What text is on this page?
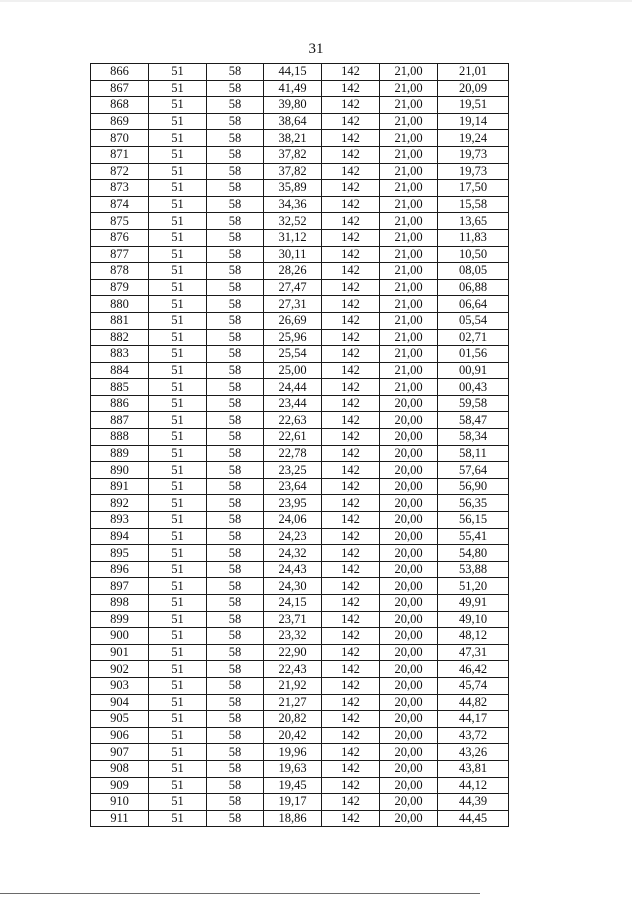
31
866	51	58	44,15	142	21,00	21,01
867	51	58	41,49	142	21,00	20,09
868	51	58	39,80	142	21,00	19,51
869	51	58	38,64	142	21,00	19,14
870	51	58	38,21	142	21,00	19,24
871	51	58	37,82	142	21,00	19,73
872	51	58	37,82	142	21,00	19,73
873	51	58	35,89	142	21,00	17,50
874	51	58	34,36	142	21,00	15,58
875	51	58	32,52	142	21,00	13,65
876	51	58	31,12	142	21,00	11,83
877	51	58	30,11	142	21,00	10,50
878	51	58	28,26	142	21,00	08,05
879	51	58	27,47	142	21,00	06,88
880	51	58	27,31	142	21,00	06,64
881	51	58	26,69	142	21,00	05,54
882	51	58	25,96	142	21,00	02,71
883	51	58	25,54	142	21,00	01,56
884	51	58	25,00	142	21,00	00,91
885	51	58	24,44	142	21,00	00,43
886	51	58	23,44	142	20,00	59,58
887	51	58	22,63	142	20,00	58,47
888	51	58	22,61	142	20,00	58,34
889	51	58	22,78	142	20,00	58,11
890	51	58	23,25	142	20,00	57,64
891	51	58	23,64	142	20,00	56,90
892	51	58	23,95	142	20,00	56,35
893	51	58	24,06	142	20,00	56,15
894	51	58	24,23	142	20,00	55,41
895	51	58	24,32	142	20,00	54,80
896	51	58	24,43	142	20,00	53,88
897	51	58	24,30	142	20,00	51,20
898	51	58	24,15	142	20,00	49,91
899	51	58	23,71	142	20,00	49,10
900	51	58	23,32	142	20,00	48,12
901	51	58	22,90	142	20,00	47,31
902	51	58	22,43	142	20,00	46,42
903	51	58	21,92	142	20,00	45,74
904	51	58	21,27	142	20,00	44,82
905	51	58	20,82	142	20,00	44,17
906	51	58	20,42	142	20,00	43,72
907	51	58	19,96	142	20,00	43,26
908	51	58	19,63	142	20,00	43,81
909	51	58	19,45	142	20,00	44,12
910	51	58	19,17	142	20,00	44,39
911	51	58	18,86	142	20,00	44,45
